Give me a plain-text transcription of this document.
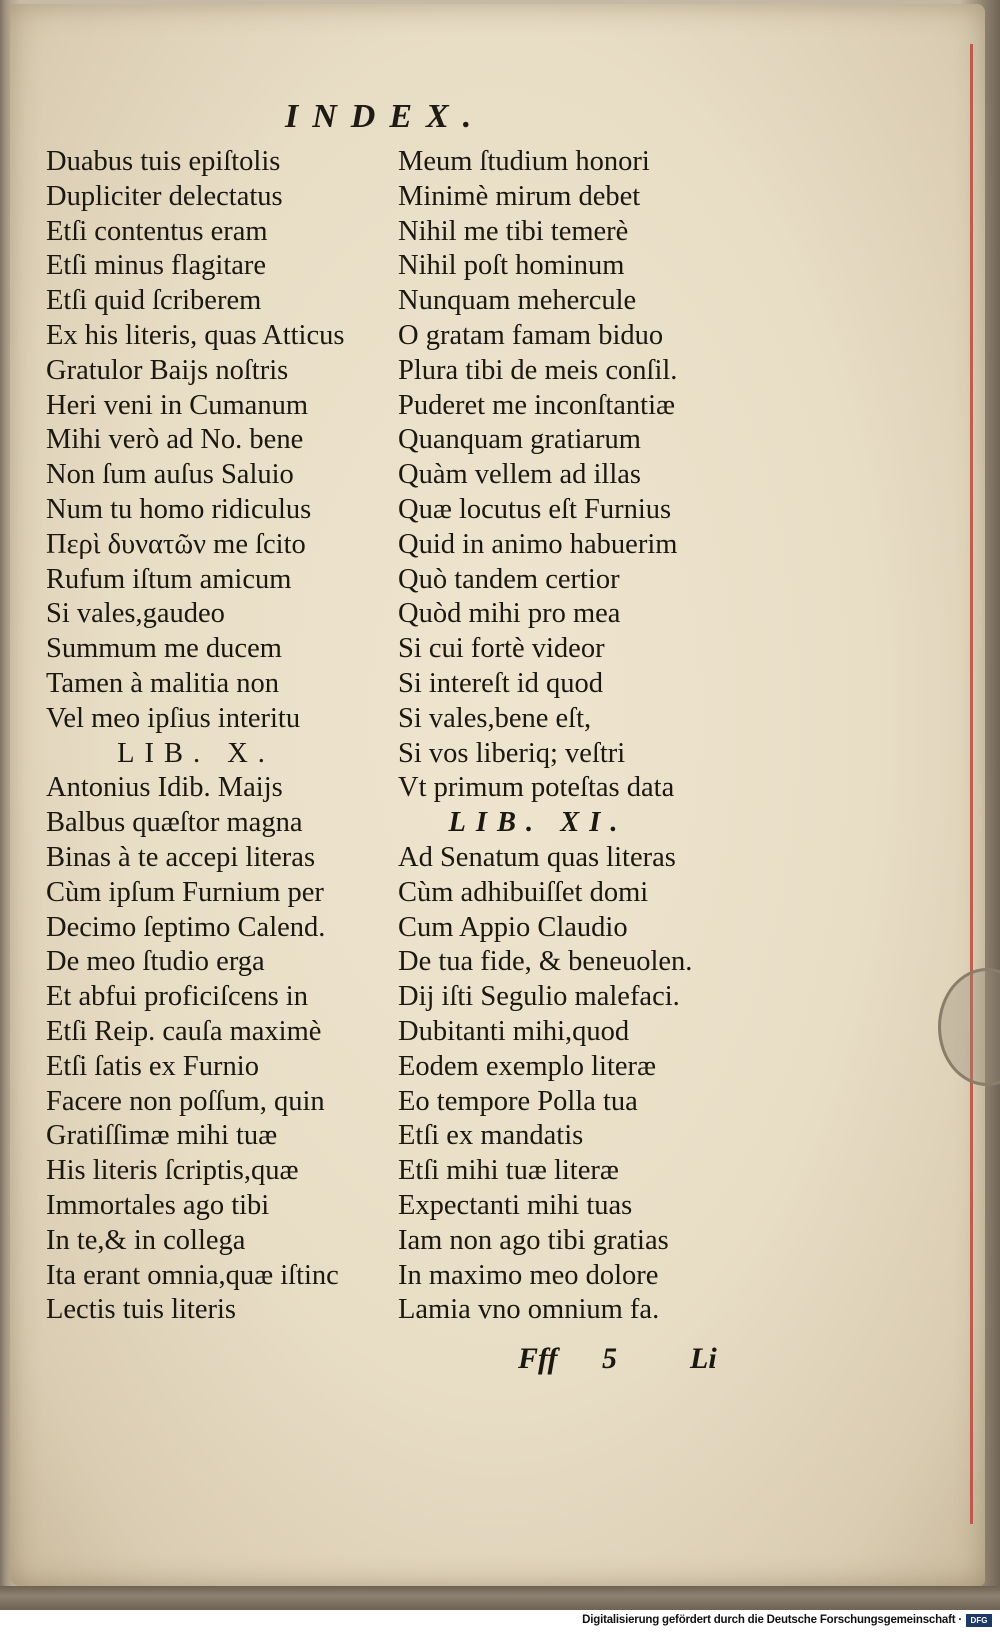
INDEX.
Duabus tuis epiſtolis
Dupliciter delectatus
Etſi contentus eram
Etſi minus flagitare
Etſi quid ſcriberem
Ex his literis, quas Atticus
Gratulor Baijs noſtris
Heri veni in Cumanum
Mihi verò ad No. bene
Non ſum auſus Saluio
Num tu homo ridiculus
Περὶ δυνατῶν me ſcito
Rufum iſtum amicum
Si vales,gaudeo
Summum me ducem
Tamen à malitia non
Vel meo ipſius interitu
LIB. X.
Antonius Idib. Maijs
Balbus quæſtor magna
Binas à te accepi literas
Cùm ipſum Furnium per
Decimo ſeptimo Calend.
De meo ſtudio erga
Et abfui proficiſcens in
Etſi Reip. cauſa maximè
Etſi ſatis ex Furnio
Facere non poſſum, quin
Gratiſſimæ mihi tuæ
His literis ſcriptis,quæ
Immortales ago tibi
In te,& in collega
Ita erant omnia,quæ iſtinc
Lectis tuis literis
Meum ſtudium honori
Minimè mirum debet
Nihil me tibi temerè
Nihil poſt hominum
Nunquam mehercule
O gratam famam biduo
Plura tibi de meis conſil.
Puderet me inconſtantiæ
Quanquam gratiarum
Quàm vellem ad illas
Quæ locutus eſt Furnius
Quid in animo habuerim
Quò tandem certior
Quòd mihi pro mea
Si cui fortè videor
Si intereſt id quod
Si vales,bene eſt,
Si vos liberiq; veſtri
Vt primum poteſtas data
LIB. XI.
Ad Senatum quas literas
Cùm adhibuiſſet domi
Cum Appio Claudio
De tua fide, & beneuolen.
Dij iſti Segulio malefaci.
Dubitanti mihi,quod
Eodem exemplo literæ
Eo tempore Polla tua
Etſi ex mandatis
Etſi mihi tuæ literæ
Expectanti mihi tuas
Iam non ago tibi gratias
In maximo meo dolore
Lamia vno omnium fa.
Fff 5 Li
Digitalisierung gefördert durch die Deutsche Forschungsgemeinschaft ·	DFG
